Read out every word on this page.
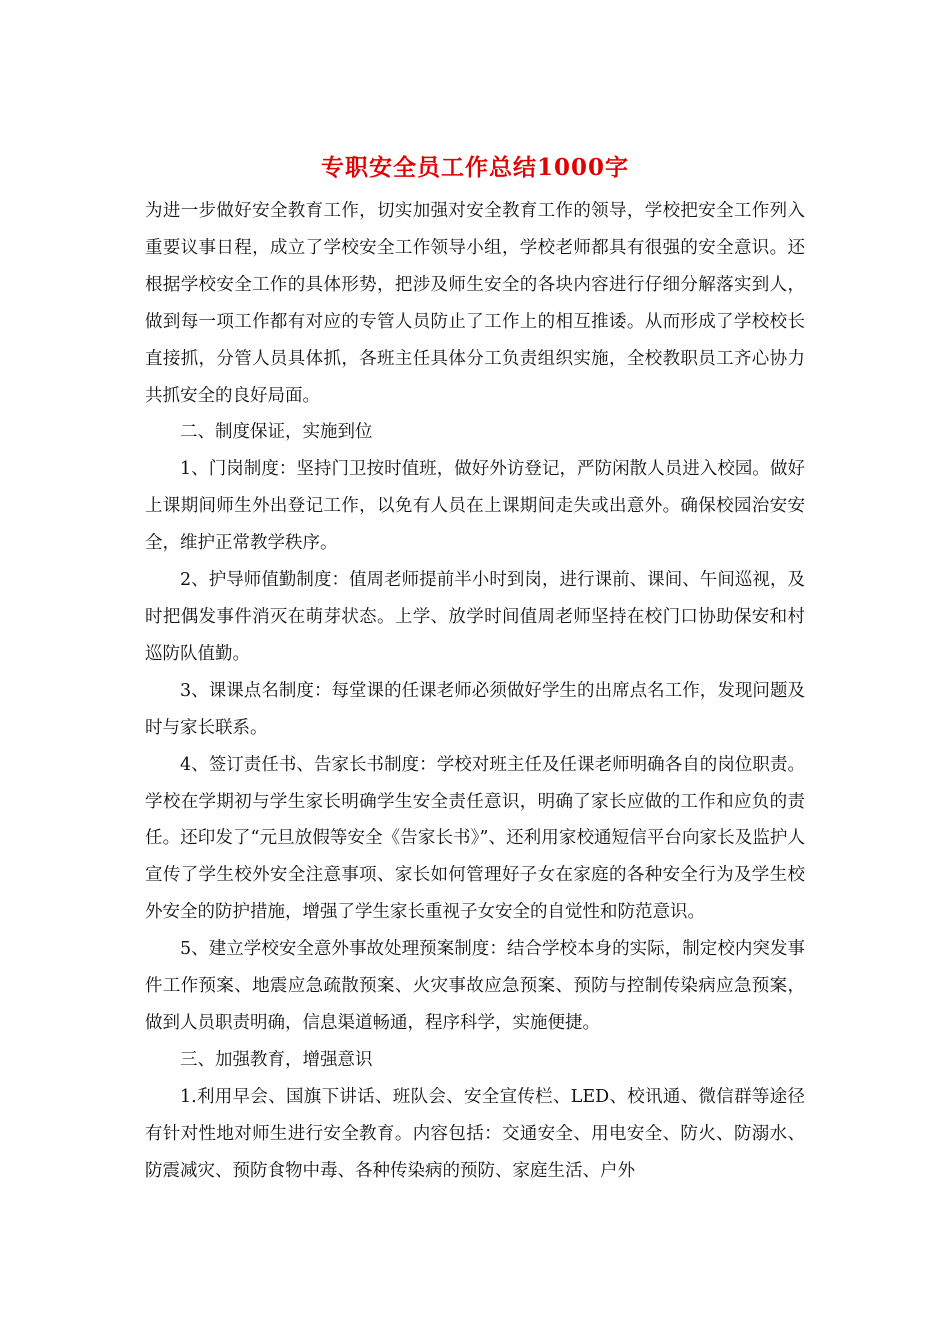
专职安全员工作总结1000字

为进一步做好安全教育工作，切实加强对安全教育工作的领导，学校把安全工作列入重要议事日程，成立了学校安全工作领导小组，学校老师都具有很强的安全意识。还根据学校安全工作的具体形势，把涉及师生安全的各块内容进行仔细分解落实到人，做到每一项工作都有对应的专管人员防止了工作上的相互推诿。从而形成了学校校长直接抓，分管人员具体抓，各班主任具体分工负责组织实施，全校教职员工齐心协力共抓安全的良好局面。

二、制度保证，实施到位

1、门岗制度：坚持门卫按时值班，做好外访登记，严防闲散人员进入校园。做好上课期间师生外出登记工作，以免有人员在上课期间走失或出意外。确保校园治安安全，维护正常教学秩序。

2、护导师值勤制度：值周老师提前半小时到岗，进行课前、课间、午间巡视，及时把偶发事件消灭在萌芽状态。上学、放学时间值周老师坚持在校门口协助保安和村巡防队值勤。

3、课课点名制度：每堂课的任课老师必须做好学生的出席点名工作，发现问题及时与家长联系。

4、签订责任书、告家长书制度：学校对班主任及任课老师明确各自的岗位职责。学校在学期初与学生家长明确学生安全责任意识，明确了家长应做的工作和应负的责任。还印发了“元旦放假等安全《告家长书》”、还利用家校通短信平台向家长及监护人宣传了学生校外安全注意事项、家长如何管理好子女在家庭的各种安全行为及学生校外安全的防护措施，增强了学生家长重视子女安全的自觉性和防范意识。

5、建立学校安全意外事故处理预案制度：结合学校本身的实际，制定校内突发事件工作预案、地震应急疏散预案、火灾事故应急预案、预防与控制传染病应急预案，做到人员职责明确，信息渠道畅通，程序科学，实施便捷。

三、加强教育，增强意识

1.利用早会、国旗下讲话、班队会、安全宣传栏、LED、校讯通、微信群等途径有针对性地对师生进行安全教育。内容包括：交通安全、用电安全、防火、防溺水、防震减灾、预防食物中毒、各种传染病的预防、家庭生活、户外
